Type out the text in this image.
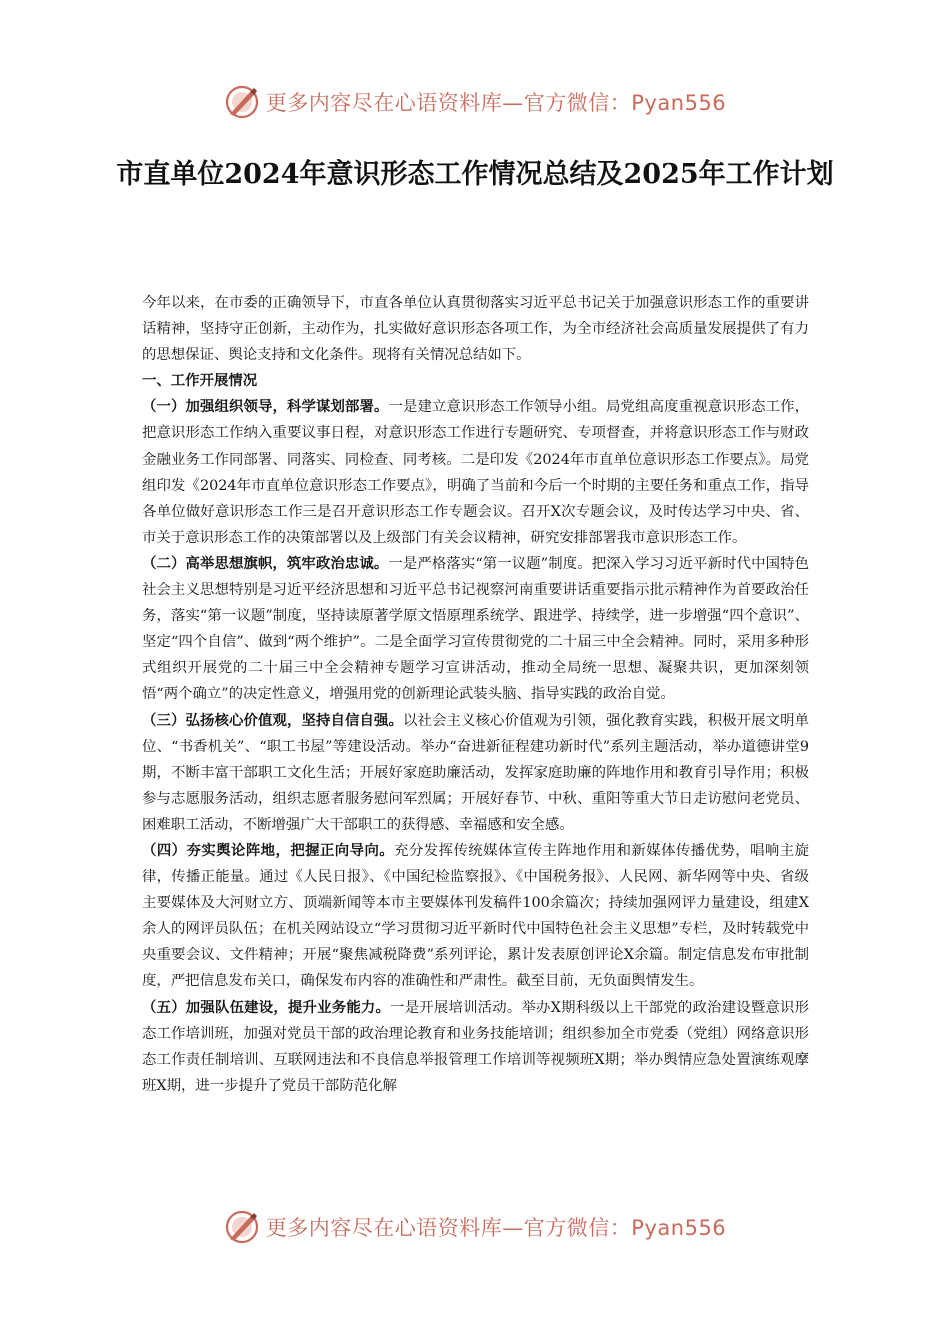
更多内容尽在心语资料库—官方微信：Pyan556
市直单位2024年意识形态工作情况总结及2025年工作计划

今年以来，在市委的正确领导下，市直各单位认真贯彻落实习近平总书记关于加强意识形态工作的重要讲话精神，坚持守正创新，主动作为，扎实做好意识形态各项工作，为全市经济社会高质量发展提供了有力的思想保证、舆论支持和文化条件。现将有关情况总结如下。

一、工作开展情况

（一）加强组织领导，科学谋划部署。一是建立意识形态工作领导小组。局党组高度重视意识形态工作，把意识形态工作纳入重要议事日程，对意识形态工作进行专题研究、专项督查，并将意识形态工作与财政金融业务工作同部署、同落实、同检查、同考核。二是印发《2024年市直单位意识形态工作要点》。局党组印发《2024年市直单位意识形态工作要点》，明确了当前和今后一个时期的主要任务和重点工作，指导各单位做好意识形态工作三是召开意识形态工作专题会议。召开X次专题会议，及时传达学习中央、省、市关于意识形态工作的决策部署以及上级部门有关会议精神，研究安排部署我市意识形态工作。

（二）高举思想旗帜，筑牢政治忠诚。一是严格落实“第一议题”制度。把深入学习习近平新时代中国特色社会主义思想特别是习近平经济思想和习近平总书记视察河南重要讲话重要指示批示精神作为首要政治任务，落实“第一议题”制度，坚持读原著学原文悟原理系统学、跟进学、持续学，进一步增强“四个意识”、坚定“四个自信”、做到“两个维护”。二是全面学习宣传贯彻党的二十届三中全会精神。同时，采用多种形式组织开展党的二十届三中全会精神专题学习宣讲活动，推动全局统一思想、凝聚共识，更加深刻领悟“两个确立”的决定性意义，增强用党的创新理论武装头脑、指导实践的政治自觉。

（三）弘扬核心价值观，坚持自信自强。以社会主义核心价值观为引领，强化教育实践，积极开展文明单位、“书香机关”、“职工书屋”等建设活动。举办“奋进新征程建功新时代”系列主题活动，举办道德讲堂9期，不断丰富干部职工文化生活；开展好家庭助廉活动，发挥家庭助廉的阵地作用和教育引导作用；积极参与志愿服务活动，组织志愿者服务慰问军烈属；开展好春节、中秋、重阳等重大节日走访慰问老党员、困难职工活动，不断增强广大干部职工的获得感、幸福感和安全感。

（四）夯实舆论阵地，把握正向导向。充分发挥传统媒体宣传主阵地作用和新媒体传播优势，唱响主旋律，传播正能量。通过《人民日报》、《中国纪检监察报》、《中国税务报》、人民网、新华网等中央、省级主要媒体及大河财立方、顶端新闻等本市主要媒体刊发稿件100余篇次；持续加强网评力量建设，组建X余人的网评员队伍；在机关网站设立“学习贯彻习近平新时代中国特色社会主义思想”专栏，及时转载党中央重要会议、文件精神；开展“聚焦减税降费”系列评论，累计发表原创评论X余篇。制定信息发布审批制度，严把信息发布关口，确保发布内容的准确性和严肃性。截至目前，无负面舆情发生。

（五）加强队伍建设，提升业务能力。一是开展培训活动。举办X期科级以上干部党的政治建设暨意识形态工作培训班，加强对党员干部的政治理论教育和业务技能培训；组织参加全市党委（党组）网络意识形态工作责任制培训、互联网违法和不良信息举报管理工作培训等视频班X期；举办舆情应急处置演练观摩班X期，进一步提升了党员干部防范化解

更多内容尽在心语资料库—官方微信：Pyan556
